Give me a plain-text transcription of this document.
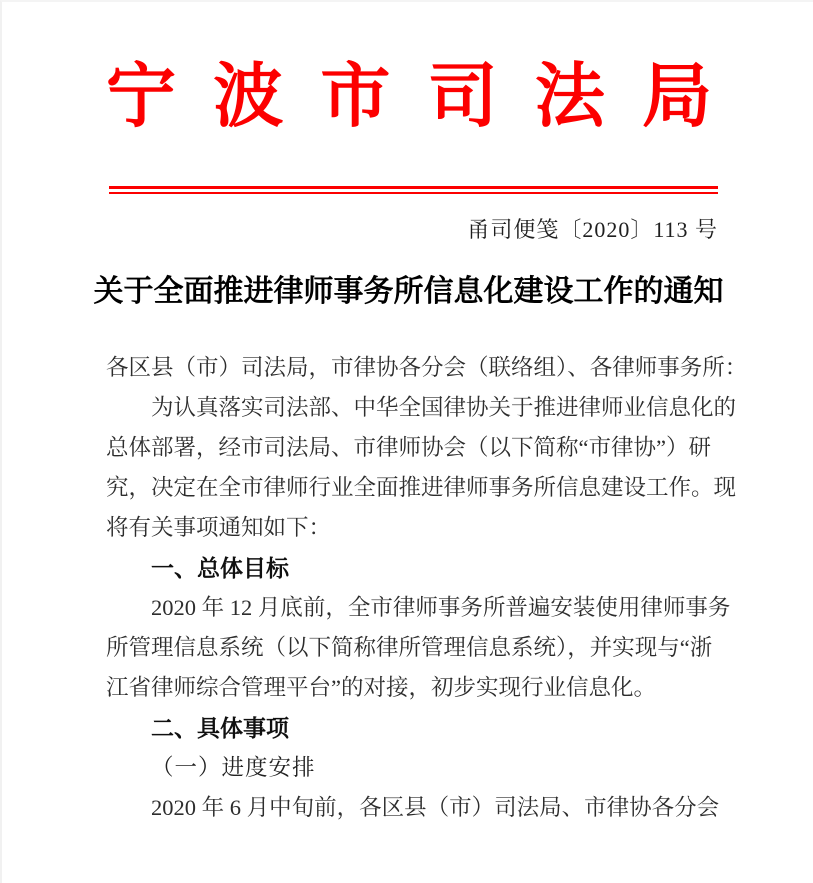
宁波市司法局
甬司便笺〔2020〕113 号
关于全面推进律师事务所信息化建设工作的通知
各区县（市）司法局，市律协各分会（联络组）、各律师事务所：
为认真落实司法部、中华全国律协关于推进律师业信息化的
总体部署，经市司法局、市律师协会（以下简称“市律协”）研
究，决定在全市律师行业全面推进律师事务所信息建设工作。现
将有关事项通知如下：
一、总体目标
2020 年 12 月底前，全市律师事务所普遍安装使用律师事务
所管理信息系统（以下简称律所管理信息系统），并实现与“浙
江省律师综合管理平台”的对接，初步实现行业信息化。
二、具体事项
（一）进度安排
2020 年 6 月中旬前，各区县（市）司法局、市律协各分会
